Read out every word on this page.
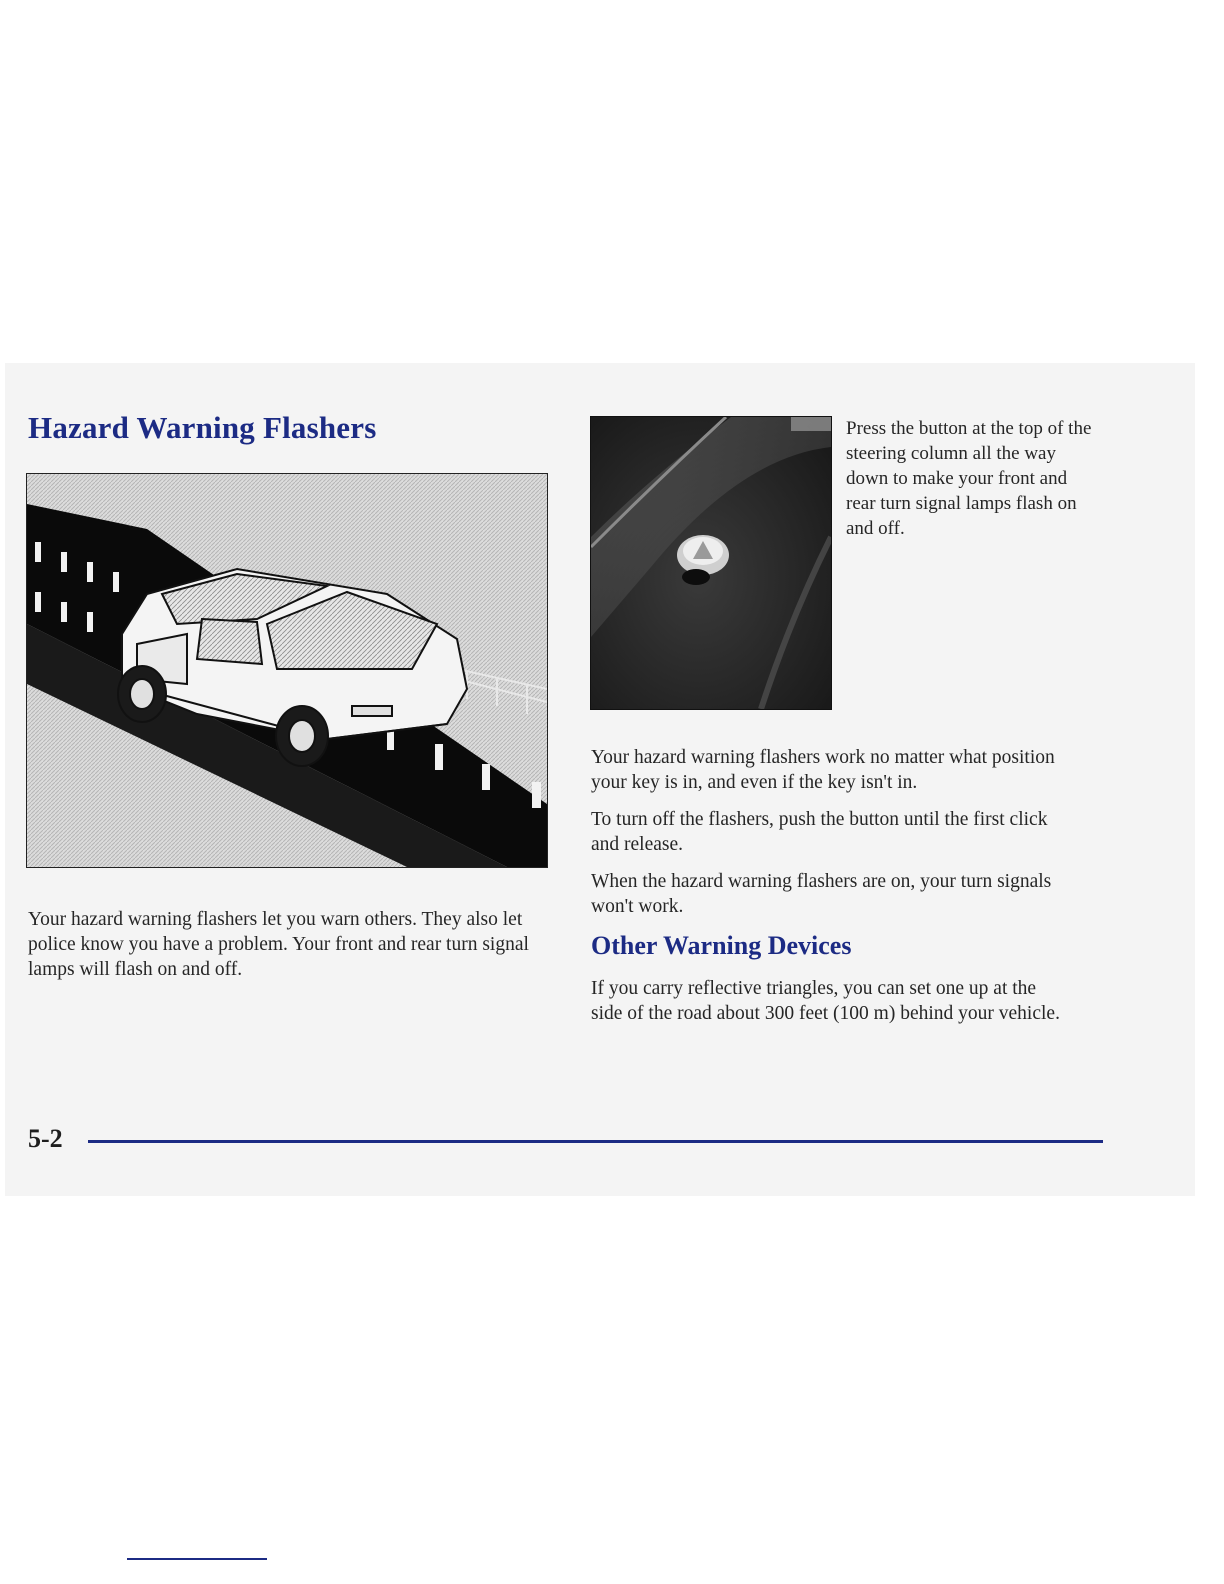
Hazard Warning Flashers

Your hazard warning flashers let you warn others. They also let police know you have a problem. Your front and rear turn signal lamps will flash on and off.

Press the button at the top of the steering column all the way down to make your front and rear turn signal lamps flash on and off.

Your hazard warning flashers work no matter what position your key is in, and even if the key isn't in.

To turn off the flashers, push the button until the first click and release.

When the hazard warning flashers are on, your turn signals won't work.

Other Warning Devices

If you carry reflective triangles, you can set one up at the side of the road about 300 feet (100 m) behind your vehicle.

5-2
